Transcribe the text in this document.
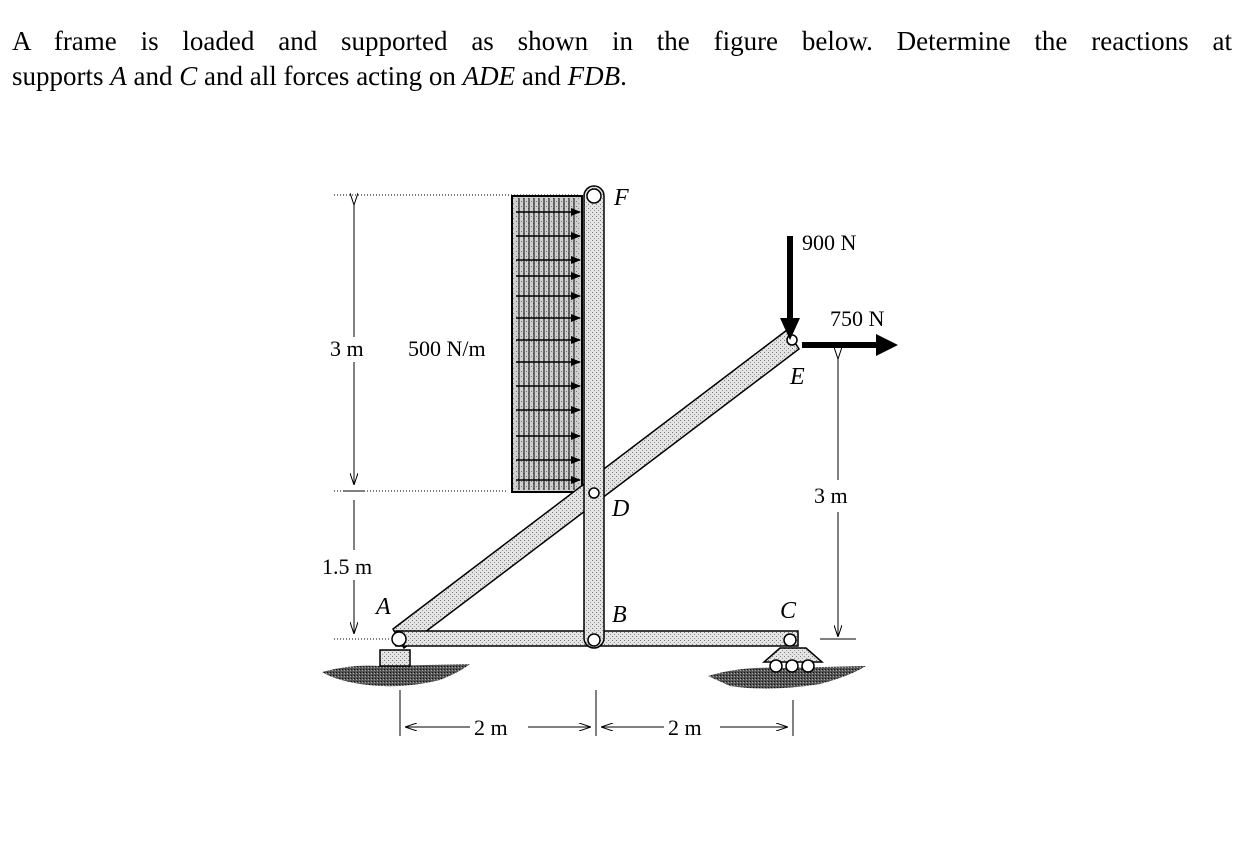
A frame is loaded and supported as shown in the figure below. Determine the reactions at

supports A and C and all forces acting on ADE and FDB.

F
D
B
E
A	C
900 N
750 N
500 N/m
3 m
1.5 m
3 m
2 m	2 m
